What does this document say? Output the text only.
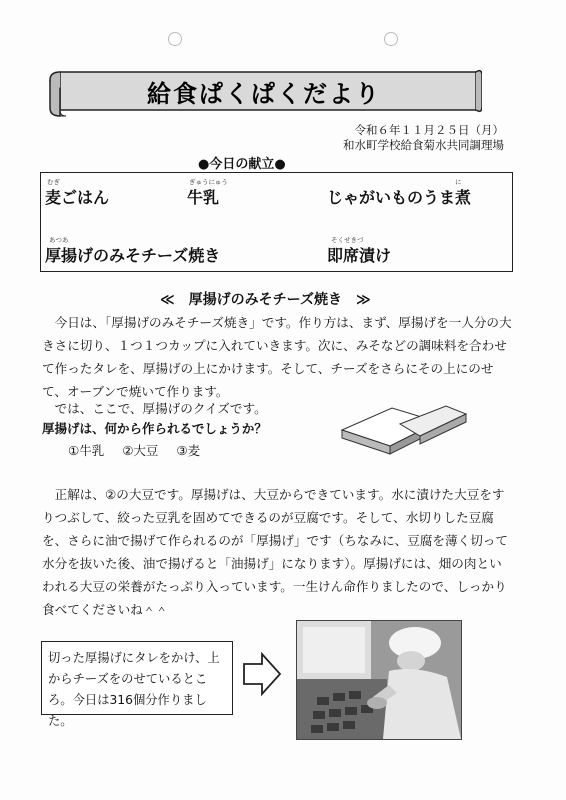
給食ぱくぱくだより
令和６年１１月２５日（月）
和水町学校給食菊水共同調理場
●今日の献立●
むぎ
麦ごはん
ぎゅうにゅう
牛乳
に
じゃがいものうま煮
あつあ
厚揚げのみそチーズ焼き
そくせきづ
即席漬け
≪　厚揚げのみそチーズ焼き　≫

　今日は、「厚揚げのみそチーズ焼き」です。作り方は、まず、厚揚げを一人分の大きさに切り、１つ１つカップに入れていきます。次に、みそなどの調味料を合わせて作ったタレを、厚揚げの上にかけます。そして、チーズをさらにその上にのせて、オーブンで焼いて作ります。

　では、ここで、厚揚げのクイズです。

厚揚げは、何から作られるでしょうか？
①牛乳 ②大豆 ③麦

　正解は、②の大豆です。厚揚げは、大豆からできています。水に漬けた大豆をすりつぶして、絞った豆乳を固めてできるのが豆腐です。そして、水切りした豆腐を、さらに油で揚げて作られるのが「厚揚げ」です（ちなみに、豆腐を薄く切って水分を抜いた後、油で揚げると「油揚げ」になります）。厚揚げには、畑の肉といわれる大豆の栄養がたっぷり入っています。一生けん命作りましたので、しっかり食べてくださいね＾＾

切った厚揚げにタレをかけ、上からチーズをのせているところ。今日は316個分作りました。
